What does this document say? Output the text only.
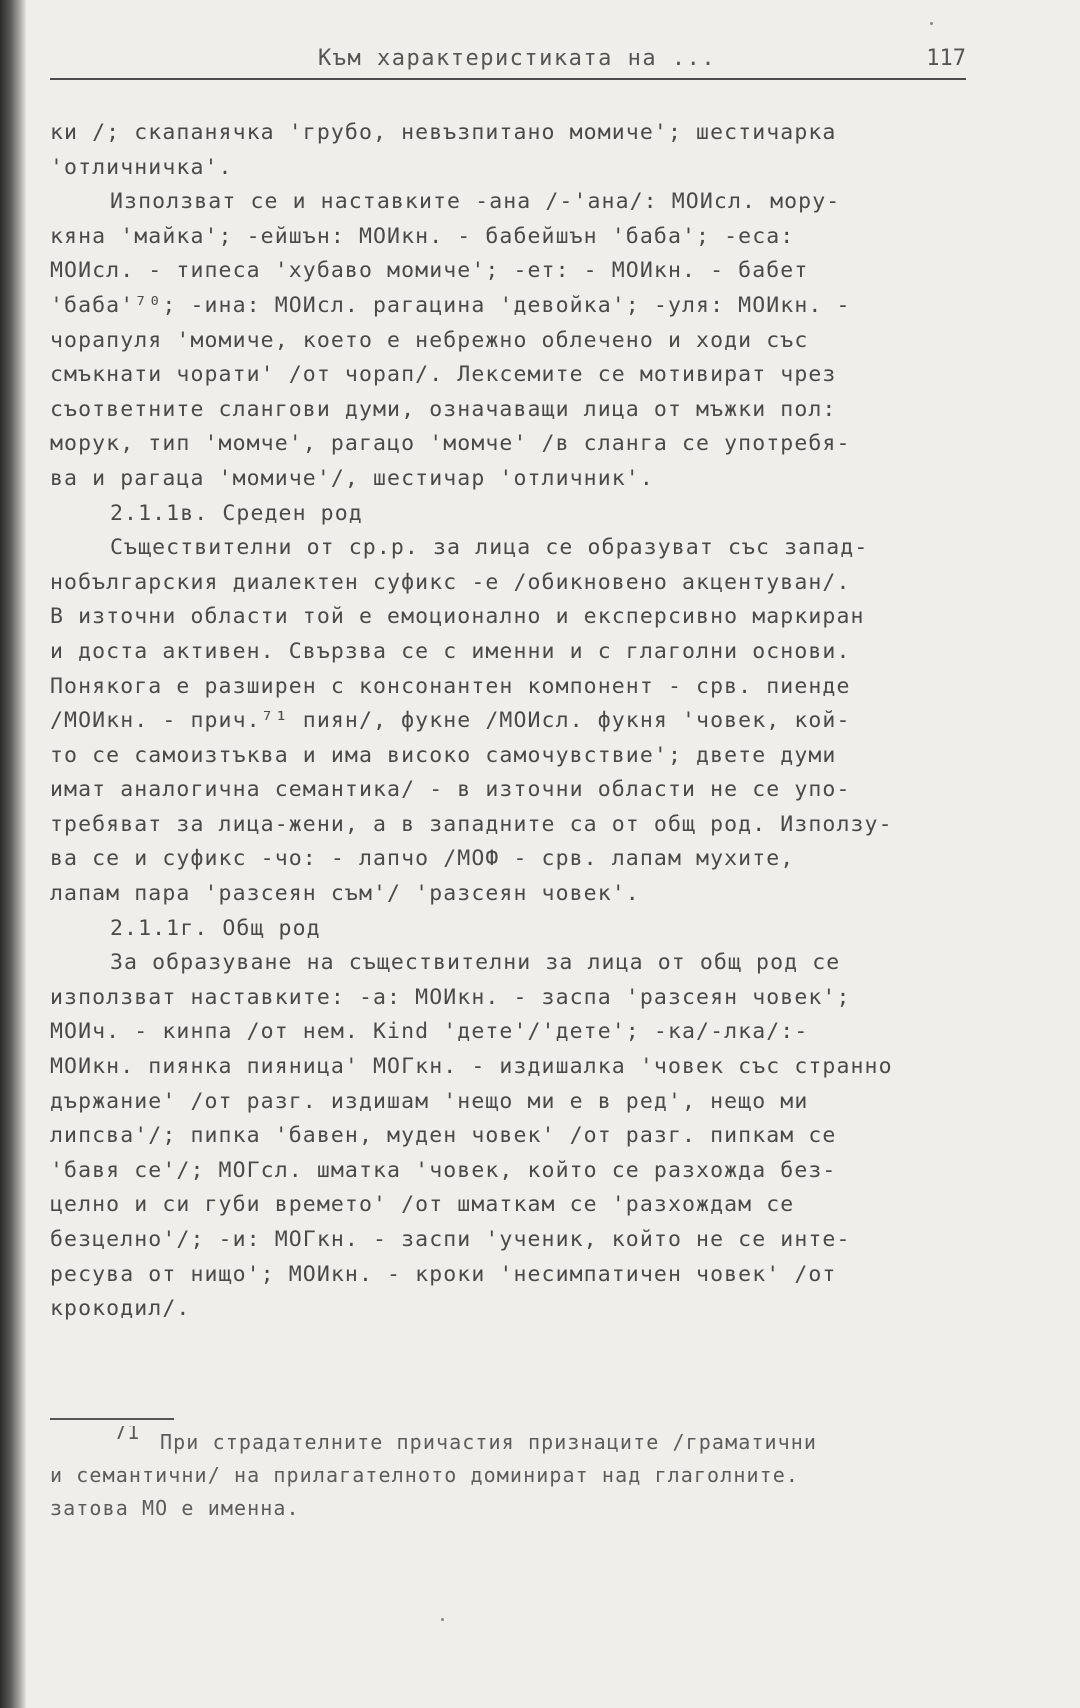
Към характеристиката на ...	117
ки /; скапанячка 'грубо, невъзпитано момиче'; шестичарка
'отличничка'.
Използват се и наставките -ана /-'ана/: МОИсл. мору-
кяна 'майка'; -ейшън: МОИкн. - бабейшън 'баба'; -еса:
МОИсл. - типеса 'хубаво момиче'; -ет: - МОИкн. - бабет
'баба'⁷⁰; -ина: МОИсл. рагацина 'девойка'; -уля: МОИкн. -
чорапуля 'момиче, което е небрежно облечено и ходи със
смъкнати чорати' /от чорап/. Лексемите се мотивират чрез
съответните слангови думи, означаващи лица от мъжки пол:
морук, тип 'момче', рагацо 'момче' /в сланга се употребя-
ва и рагаца 'момиче'/, шестичар 'отличник'.
2.1.1в. Среден род
Съществителни от ср.р. за лица се образуват със запад-
нобългарския диалектен суфикс -е /обикновено акцентуван/.
В източни области той е емоционално и експерсивно маркиран
и доста активен. Свързва се с именни и с глаголни основи.
Понякога е разширен с консонантен компонент - срв. пиенде
/МОИкн. - прич.⁷¹ пиян/, фукне /МОИсл. фукня 'човек, кой-
то се самоизтъква и има високо самочувствие'; двете думи
имат аналогична семантика/ - в източни области не се упо-
требяват за лица-жени, а в западните са от общ род. Използу-
ва се и суфикс -чо: - лапчо /МОФ - срв. лапам мухите,
лапам пара 'разсеян съм'/ 'разсеян човек'.
2.1.1г. Общ род
За образуване на съществителни за лица от общ род се
използват наставките: -а: МОИкн. - заспа 'разсеян човек';
МОИч. - кинпа /от нем. Kind 'дете'/'дете'; -ка/-лка/:-
МОИкн. пиянка пияница' МОГкн. - издишалка 'човек със странно
държание' /от разг. издишам 'нещо ми е в ред', нещо ми
липсва'/; пипка 'бавен, мудeн човек' /от разг. пипкам се
'бавя се'/; МОГсл. шматка 'човек, който се разхожда без-
целно и си губи времето' /от шматкам се 'разхождам се
безцелно'/; -и: МОГкн. - заспи 'ученик, който не се инте-
ресува от нищо'; МОИкн. - кроки 'несимпатичен човек' /от
крокодил/.
71 При страдателните причастия признаците /граматични
и семантични/ на прилагателното доминират над глаголните.
затова МО е именна.
